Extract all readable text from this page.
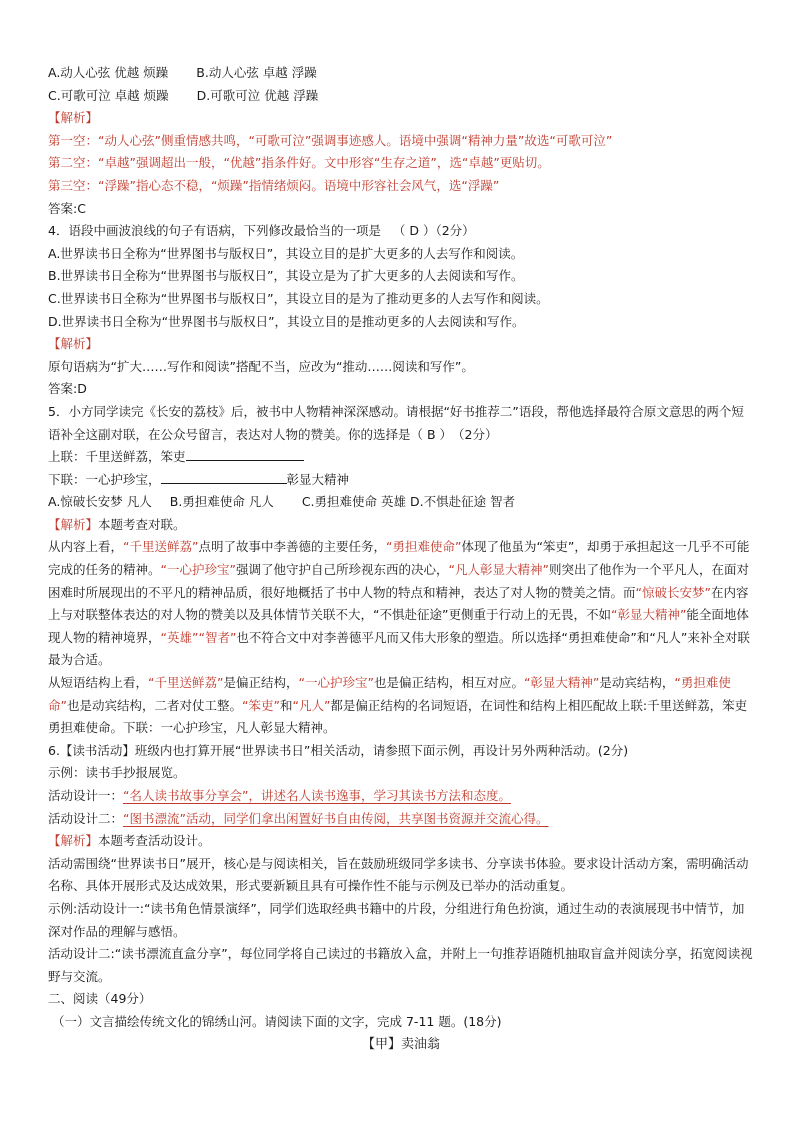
A.动人心弦 优越 烦躁 B.动人心弦 卓越 浮躁
C.可歌可泣 卓越 烦躁 D.可歌可泣 优越 浮躁
【解析】
第一空：“动人心弦”侧重情感共鸣，“可歌可泣”强调事迹感人。语境中强调“精神力量”故选“可歌可泣”
第二空：“卓越”强调超出一般，“优越”指条件好。文中形容“生存之道”，选“卓越”更贴切。
第三空：“浮躁”指心态不稳，“烦躁”指情绪烦闷。语境中形容社会风气，选“浮躁”
答案:C
4．语段中画波浪线的句子有语病，下列修改最恰当的一项是 （ D ）（2分）
A.世界读书日全称为“世界图书与版权日”，其设立目的是扩大更多的人去写作和阅读。
B.世界读书日全称为“世界图书与版权日”，其设立是为了扩大更多的人去阅读和写作。
C.世界读书日全称为“世界图书与版权日”，其设立目的是为了推动更多的人去写作和阅读。
D.世界读书日全称为“世界图书与版权日”，其设立目的是推动更多的人去阅读和写作。
【解析】
原句语病为“扩大……写作和阅读”搭配不当，应改为“推动……阅读和写作”。
答案:D
5．小方同学读完《长安的荔枝》后，被书中人物精神深深感动。请根据“好书推荐二”语段，帮他选择最符合原文意思的两个短语补全这副对联，在公众号留言，表达对人物的赞美。你的选择是（ B ）　（2分）
上联：千里送鲜荔，笨吏
下联：一心护珍宝，	彰显大精神
A.惊破长安梦 凡人 B.勇担难使命 凡人 C.勇担难使命 英雄 D.不惧赴征途 智者
【解析】本题考查对联。
从内容上看，“千里送鲜荔”点明了故事中李善德的主要任务，“勇担难使命”体现了他虽为“笨吏”，却勇于承担起这一几乎不可能完成的任务的精神。“一心护珍宝”强调了他守护自己所珍视东西的决心，“凡人彰显大精神”则突出了他作为一个平凡人，在面对困难时所展现出的不平凡的精神品质，很好地概括了书中人物的特点和精神，表达了对人物的赞美之情。而“惊破长安梦”在内容上与对联整体表达的对人物的赞美以及具体情节关联不大，“不惧赴征途”更侧重于行动上的无畏，不如“彰显大精神”能全面地体现人物的精神境界，“英雄”“智者”也不符合文中对李善德平凡而又伟大形象的塑造。所以选择“勇担难使命”和“凡人”来补全对联最为合适。
从短语结构上看，“千里送鲜荔”是偏正结构，“一心护珍宝”也是偏正结构，相互对应。“彰显大精神”是动宾结构，“勇担难使命”也是动宾结构，二者对仗工整。“笨吏”和“凡人”都是偏正结构的名词短语，在词性和结构上相匹配故上联:千里送鲜荔，笨吏勇担难使命。下联：一心护珍宝，凡人彰显大精神。
6.【读书活动】班级内也打算开展“世界读书日”相关活动，请参照下面示例，再设计另外两种活动。(2分)
示例：读书手抄报展览。
活动设计一：“名人读书故事分享会”，讲述名人读书逸事，学习其读书方法和态度。
活动设计二：“图书漂流”活动，同学们拿出闲置好书自由传阅，共享图书资源并交流心得。
【解析】本题考查活动设计。
活动需围绕“世界读书日”展开，核心是与阅读相关，旨在鼓励班级同学多读书、分享读书体验。要求设计活动方案，需明确活动名称、具体开展形式及达成效果，形式要新颖且具有可操作性不能与示例及已举办的活动重复。
示例:活动设计一:“读书角色情景演绎”，同学们选取经典书籍中的片段，分组进行角色扮演，通过生动的表演展现书中情节，加深对作品的理解与感悟。
活动设计二:“读书漂流直盒分享”，每位同学将自己读过的书籍放入盒，并附上一句推荐语随机抽取盲盒并阅读分享，拓宽阅读视野与交流。
二、阅读（49分）
（一）文言描绘传统文化的锦绣山河。请阅读下面的文字，完成 7-11 题。(18分)
【甲】卖油翁
